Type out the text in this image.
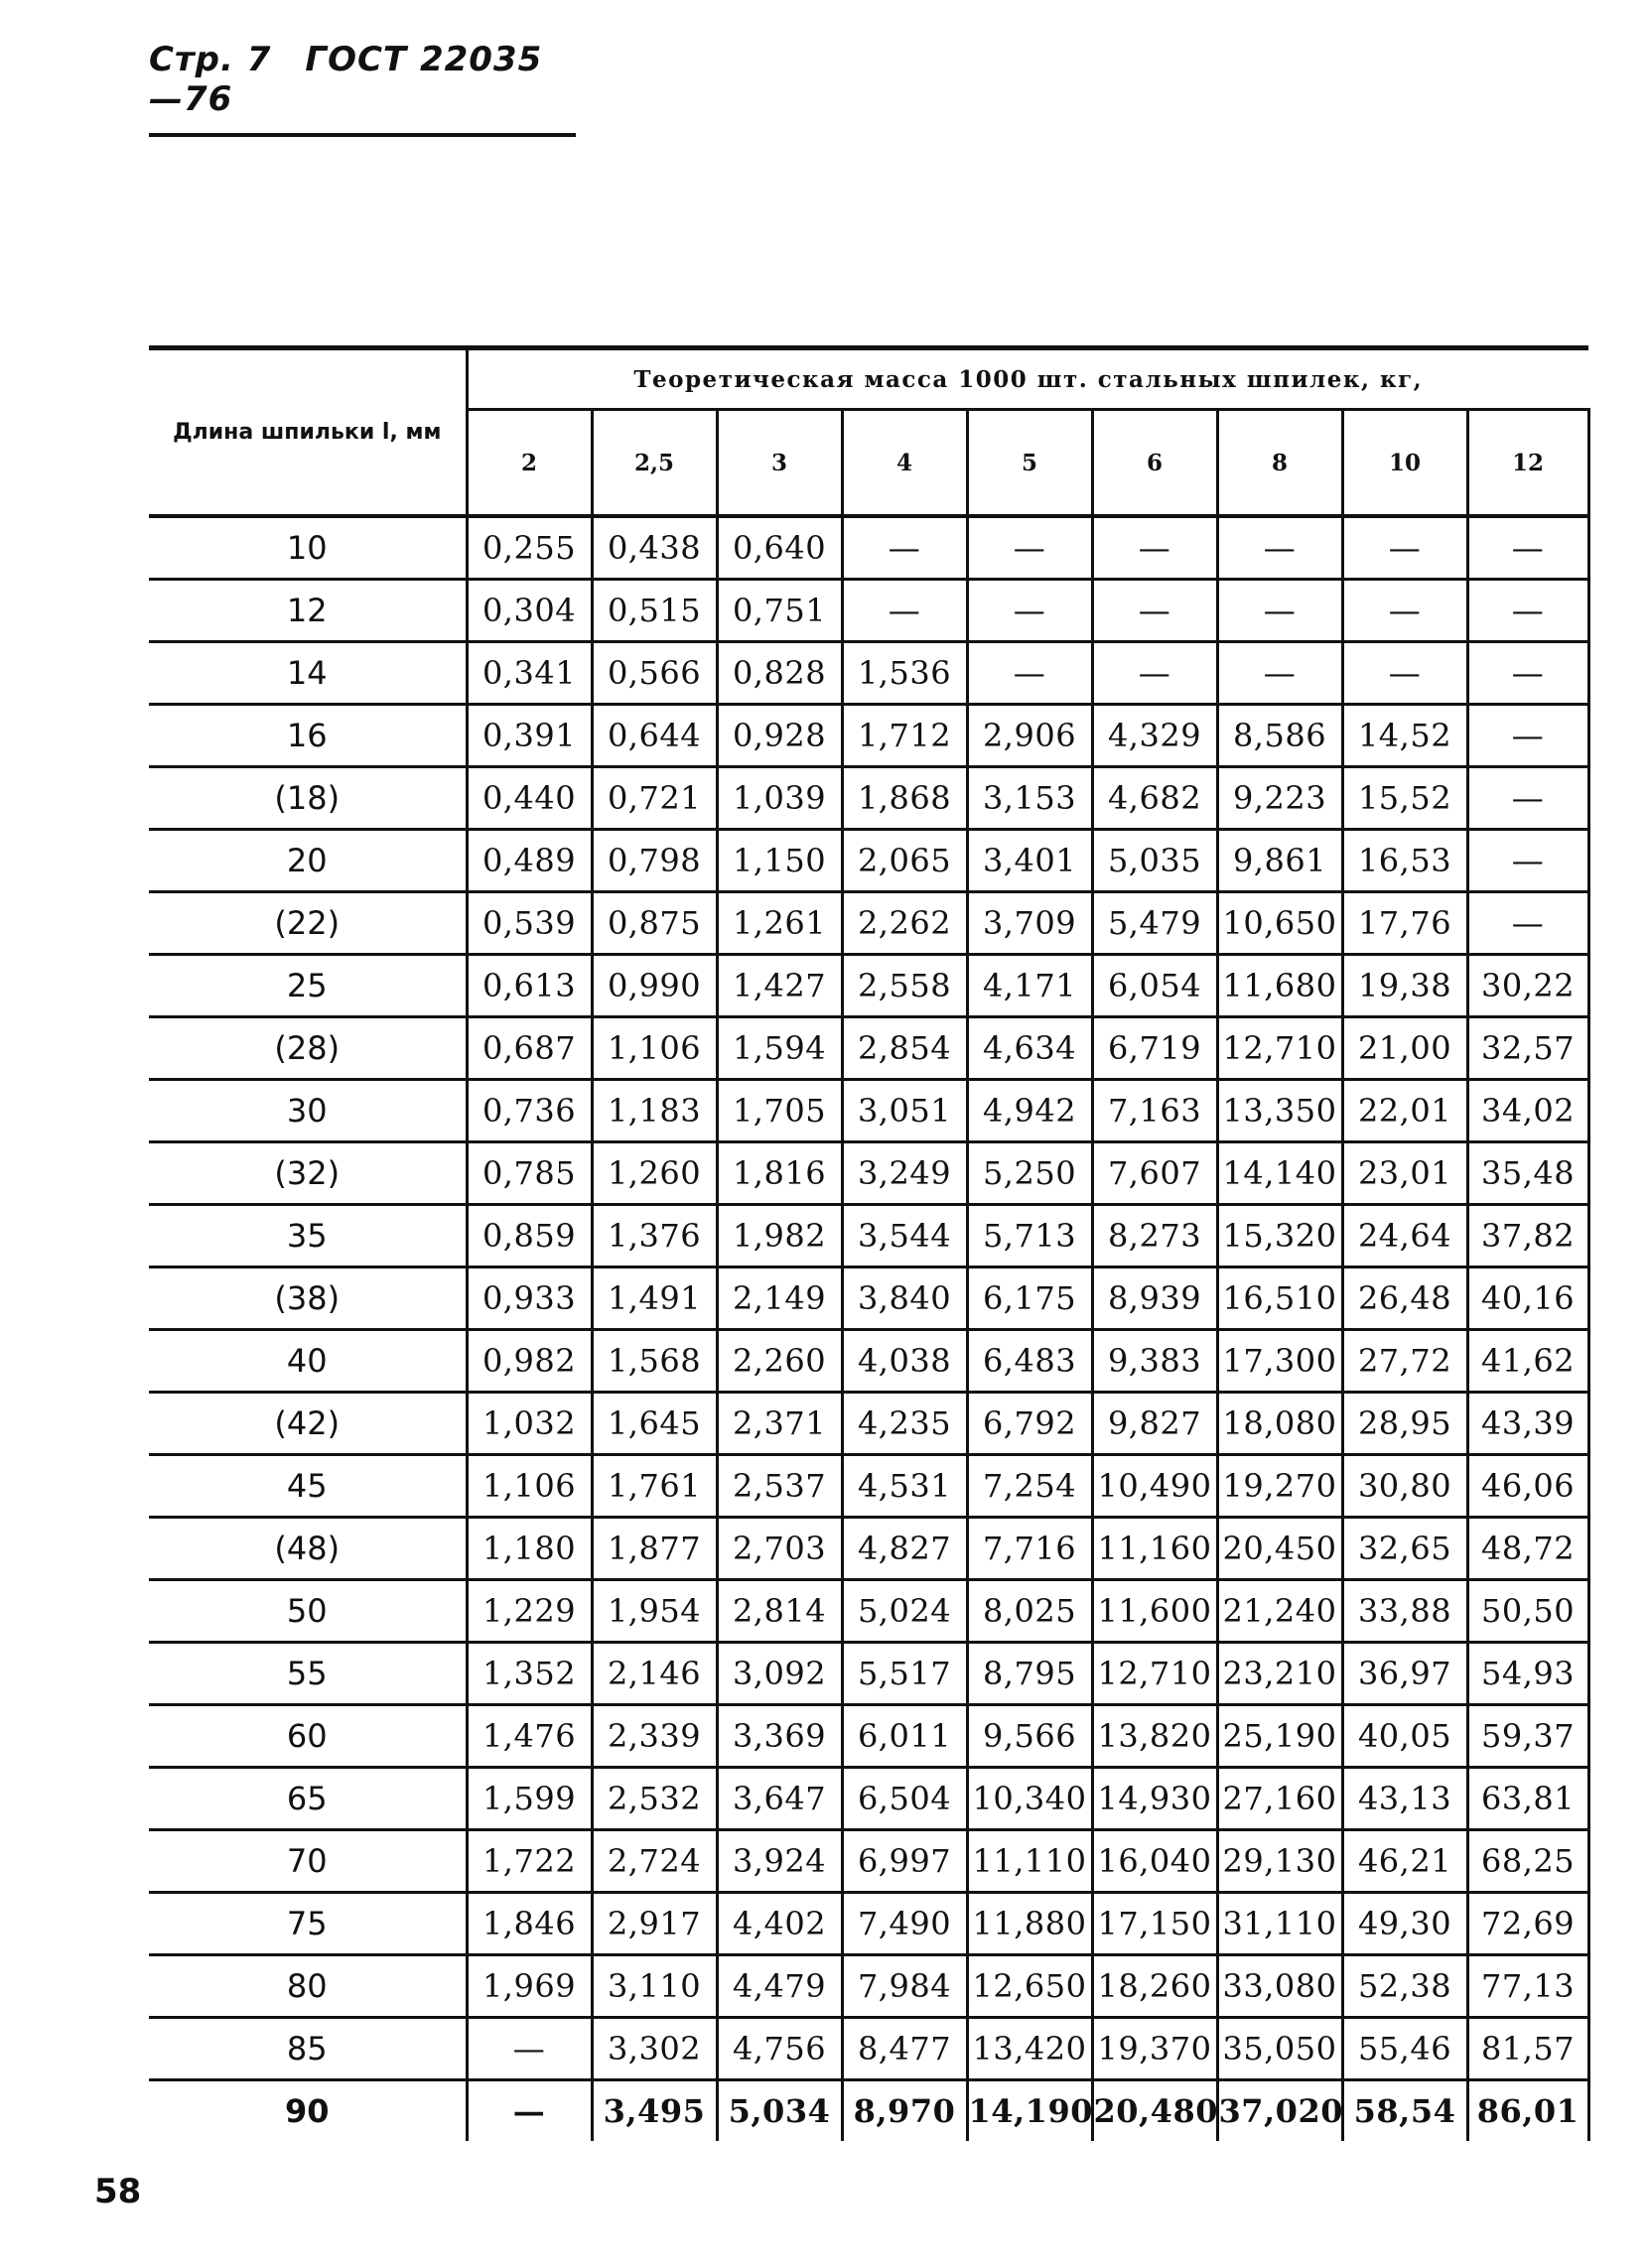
Стр. 7 ГОСТ 22035—76
Длина шпильки l, мм	Теоретическая масса 1000 шт. стальных шпилек, кг,								
	2	2,5	3	4	5	6	8	10	12
10	0,255	0,438	0,640	—	—	—	—	—	—
12	0,304	0,515	0,751	—	—	—	—	—	—
14	0,341	0,566	0,828	1,536	—	—	—	—	—
16	0,391	0,644	0,928	1,712	2,906	4,329	8,586	14,52	—
(18)	0,440	0,721	1,039	1,868	3,153	4,682	9,223	15,52	—
20	0,489	0,798	1,150	2,065	3,401	5,035	9,861	16,53	—
(22)	0,539	0,875	1,261	2,262	3,709	5,479	10,650	17,76	—
25	0,613	0,990	1,427	2,558	4,171	6,054	11,680	19,38	30,22
(28)	0,687	1,106	1,594	2,854	4,634	6,719	12,710	21,00	32,57
30	0,736	1,183	1,705	3,051	4,942	7,163	13,350	22,01	34,02
(32)	0,785	1,260	1,816	3,249	5,250	7,607	14,140	23,01	35,48
35	0,859	1,376	1,982	3,544	5,713	8,273	15,320	24,64	37,82
(38)	0,933	1,491	2,149	3,840	6,175	8,939	16,510	26,48	40,16
40	0,982	1,568	2,260	4,038	6,483	9,383	17,300	27,72	41,62
(42)	1,032	1,645	2,371	4,235	6,792	9,827	18,080	28,95	43,39
45	1,106	1,761	2,537	4,531	7,254	10,490	19,270	30,80	46,06
(48)	1,180	1,877	2,703	4,827	7,716	11,160	20,450	32,65	48,72
50	1,229	1,954	2,814	5,024	8,025	11,600	21,240	33,88	50,50
55	1,352	2,146	3,092	5,517	8,795	12,710	23,210	36,97	54,93
60	1,476	2,339	3,369	6,011	9,566	13,820	25,190	40,05	59,37
65	1,599	2,532	3,647	6,504	10,340	14,930	27,160	43,13	63,81
70	1,722	2,724	3,924	6,997	11,110	16,040	29,130	46,21	68,25
75	1,846	2,917	4,402	7,490	11,880	17,150	31,110	49,30	72,69
80	1,969	3,110	4,479	7,984	12,650	18,260	33,080	52,38	77,13
85	—	3,302	4,756	8,477	13,420	19,370	35,050	55,46	81,57
90	—	3,495	5,034	8,970	14,190	20,480	37,020	58,54	86,01
58
